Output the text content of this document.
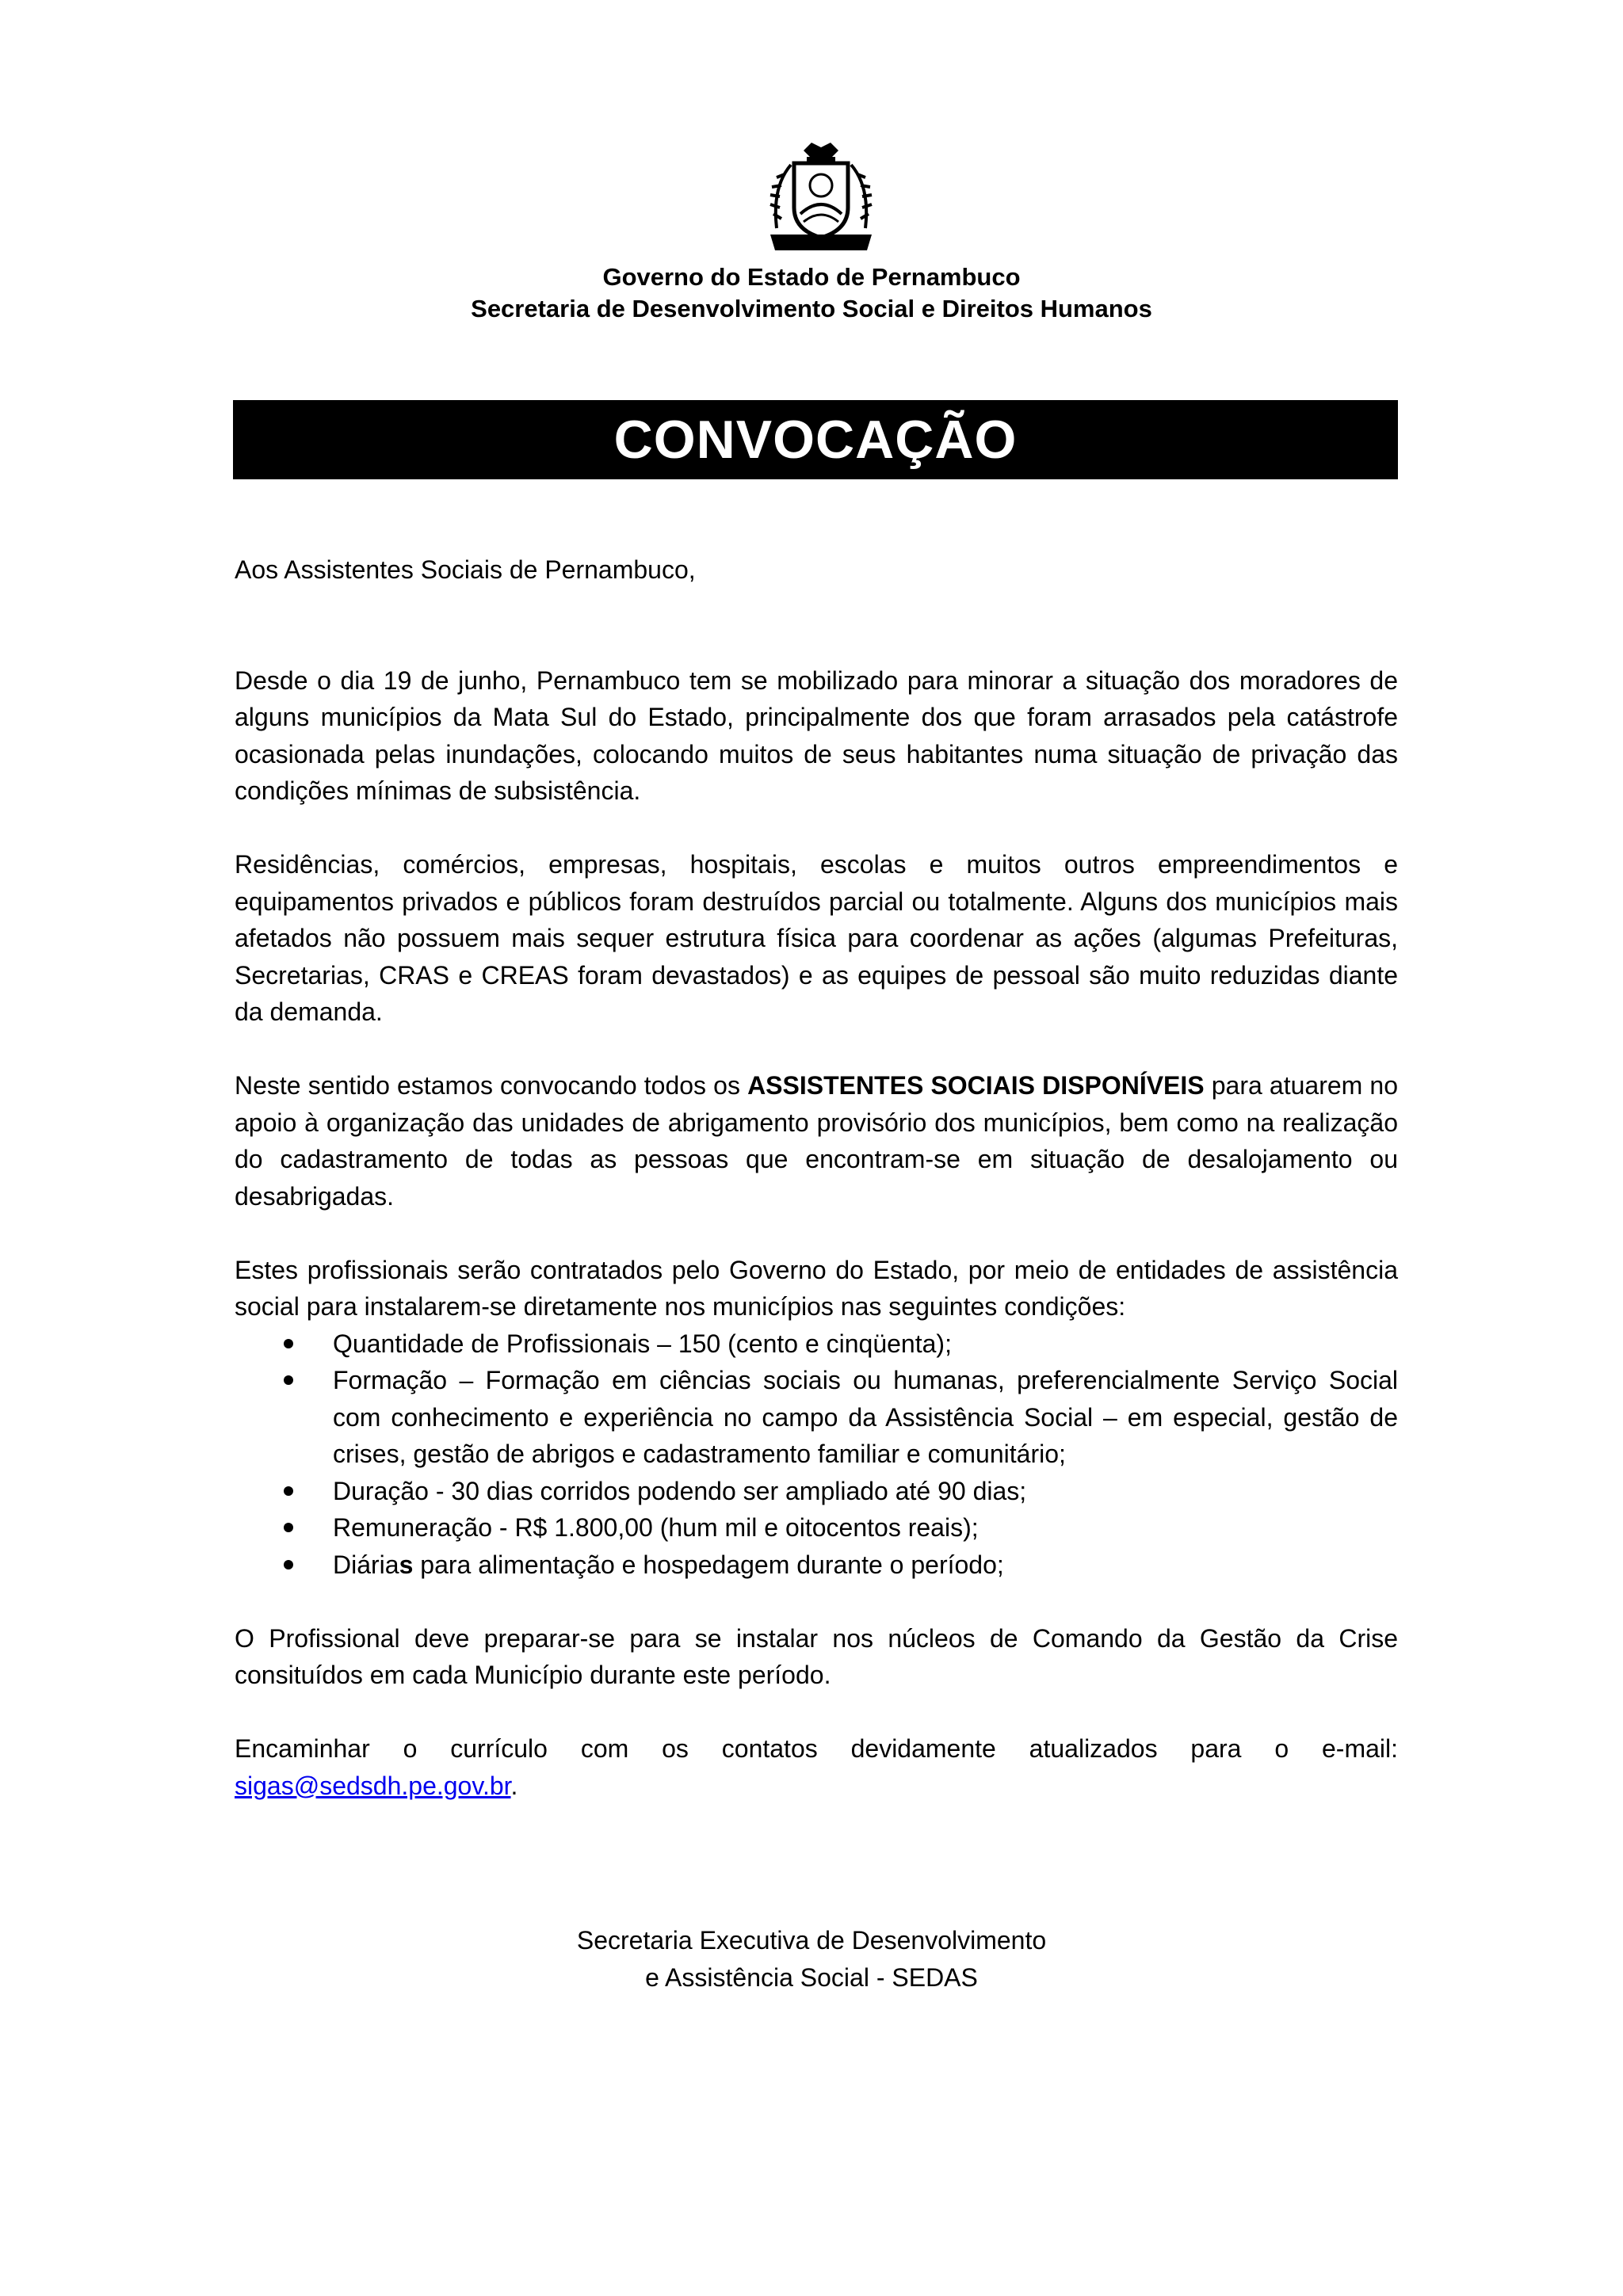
Governo do Estado de Pernambuco
Secretaria de Desenvolvimento Social e Direitos Humanos
CONVOCAÇÃO

Aos Assistentes Sociais de Pernambuco,

Desde o dia 19 de junho, Pernambuco tem se mobilizado para minorar a situação dos moradores de alguns municípios da Mata Sul do Estado, principalmente dos que foram arrasados pela catástrofe ocasionada pelas inundações, colocando muitos de seus habitantes numa situação de privação das condições mínimas de subsistência.

Residências, comércios, empresas, hospitais, escolas e muitos outros empreendimentos e equipamentos privados e públicos foram destruídos parcial ou totalmente. Alguns dos municípios mais afetados não possuem mais sequer estrutura física para coordenar as ações (algumas Prefeituras, Secretarias, CRAS e CREAS foram devastados) e as equipes de pessoal são muito reduzidas diante da demanda.

Neste sentido estamos convocando todos os ASSISTENTES SOCIAIS DISPONÍVEIS para atuarem no apoio à organização das unidades de abrigamento provisório dos municípios, bem como na realização do cadastramento de todas as pessoas que encontram-se em situação de desalojamento ou desabrigadas.

Estes profissionais serão contratados pelo Governo do Estado, por meio de entidades de assistência social para instalarem-se diretamente nos municípios nas seguintes condições:

Quantidade de Profissionais – 150 (cento e cinqüenta);
Formação – Formação em ciências sociais ou humanas, preferencialmente Serviço Social com conhecimento e experiência no campo da Assistência Social – em especial, gestão de crises, gestão de abrigos e cadastramento familiar e comunitário;
Duração - 30 dias corridos podendo ser ampliado até 90 dias;
Remuneração - R$ 1.800,00 (hum mil e oitocentos reais);
Diárias para alimentação e hospedagem durante o período;

O Profissional deve preparar-se para se instalar nos núcleos de Comando da Gestão da Crise consituídos em cada Município durante este período.

Encaminhar o currículo com os contatos devidamente atualizados para o e-mail: sigas@sedsdh.pe.gov.br.

Secretaria Executiva de Desenvolvimento
e Assistência Social - SEDAS
